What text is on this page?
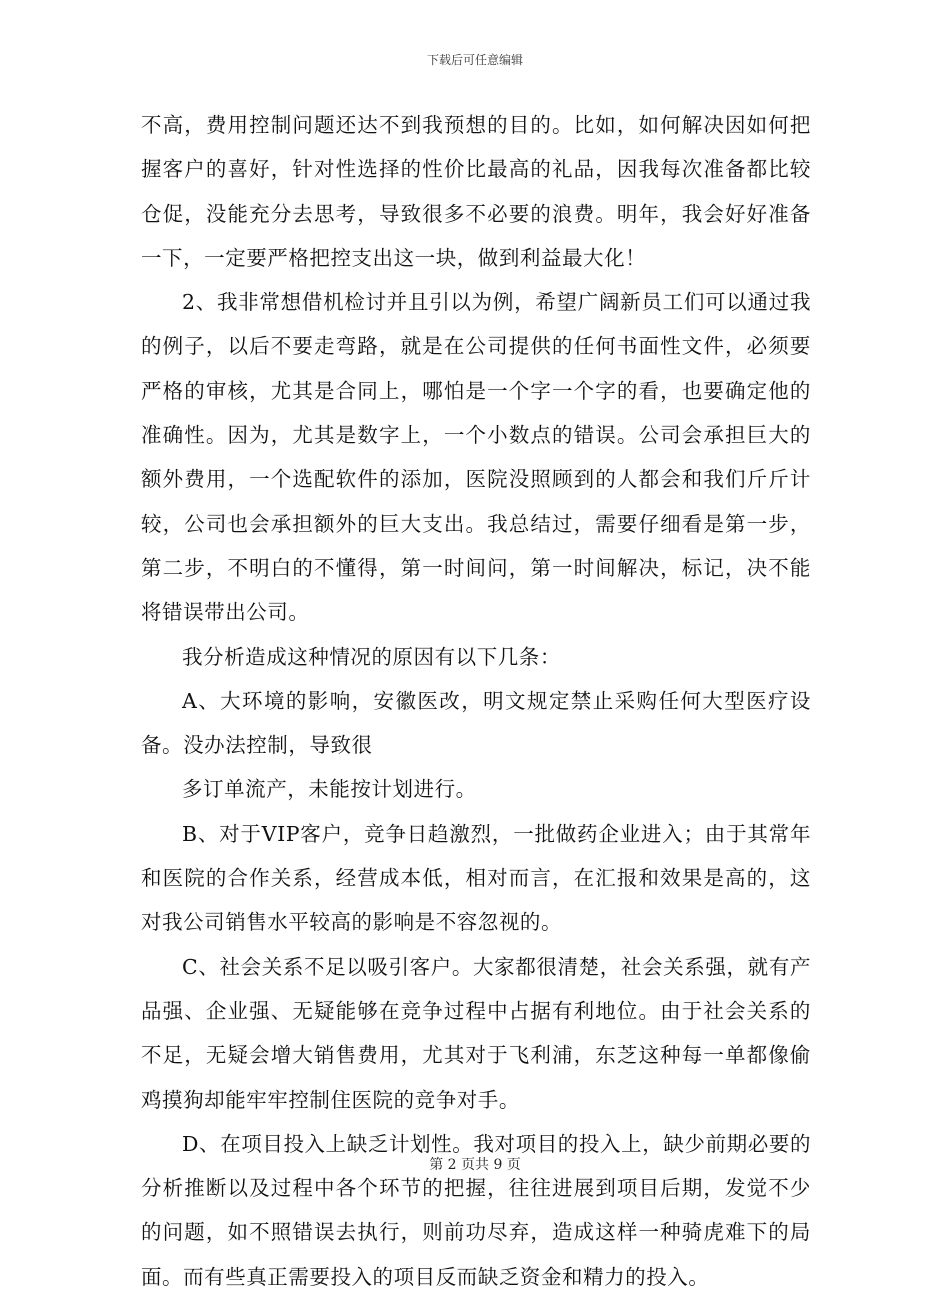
下载后可任意编辑

不高，费用控制问题还达不到我预想的目的。比如，如何解决因如何把握客户的喜好，针对性选择的性价比最高的礼品，因我每次准备都比较仓促，没能充分去思考，导致很多不必要的浪费。明年，我会好好准备一下，一定要严格把控支出这一块，做到利益最大化！

2、我非常想借机检讨并且引以为例，希望广阔新员工们可以通过我的例子，以后不要走弯路，就是在公司提供的任何书面性文件，必须要严格的审核，尤其是合同上，哪怕是一个字一个字的看，也要确定他的准确性。因为，尤其是数字上，一个小数点的错误。公司会承担巨大的额外费用，一个选配软件的添加，医院没照顾到的人都会和我们斤斤计较，公司也会承担额外的巨大支出。我总结过，需要仔细看是第一步，第二步，不明白的不懂得，第一时间问，第一时间解决，标记，决不能将错误带出公司。

我分析造成这种情况的原因有以下几条：

A、大环境的影响，安徽医改，明文规定禁止采购任何大型医疗设备。没办法控制，导致很

多订单流产，未能按计划进行。

B、对于VIP客户，竞争日趋激烈，一批做药企业进入；由于其常年和医院的合作关系，经营成本低，相对而言，在汇报和效果是高的，这对我公司销售水平较高的影响是不容忽视的。

C、社会关系不足以吸引客户。大家都很清楚，社会关系强，就有产品强、企业强、无疑能够在竞争过程中占据有利地位。由于社会关系的不足，无疑会增大销售费用，尤其对于飞利浦，东芝这种每一单都像偷鸡摸狗却能牢牢控制住医院的竞争对手。

D、在项目投入上缺乏计划性。我对项目的投入上，缺少前期必要的分析推断以及过程中各个环节的把握，往往进展到项目后期，发觉不少的问题，如不照错误去执行，则前功尽弃，造成这样一种骑虎难下的局面。而有些真正需要投入的项目反而缺乏资金和精力的投入。

第 2 页共 9 页
